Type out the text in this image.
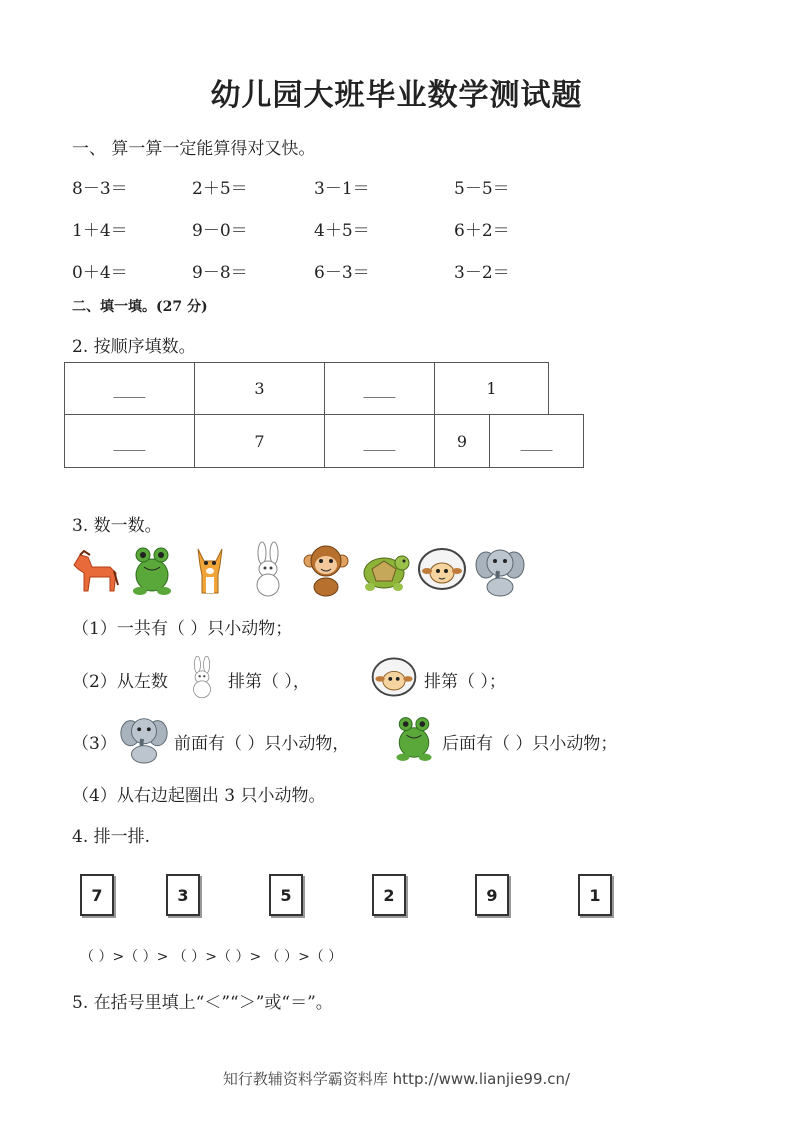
幼儿园大班毕业数学测试题
一、 算一算一定能算得对又快。
8－3＝	2＋5＝	3－1＝	5－5＝
1＋4＝	9－0＝	4＋5＝	6＋2＝
0＋4＝	9－8＝	6－3＝	3－2＝
二、填一填。(27 分)
2. 按顺序填数。
____	3	____	1
____	7	____	9	____
3. 数一数。
（1）一共有（ ）只小动物；
（2）从左数	排第（ ），	排第（ ）；
（3）	前面有（ ）只小动物，	后面有（ ）只小动物；
（4）从右边起圈出 3 只小动物。
4. 排一排.
7	3	5	2	9	1
（ ）>（ ）> （ ）>（ ）> （ ）>（ ）
5. 在括号里填上“＜”“＞”或“＝”。
知行教辅资料学霸资料库 http://www.lianjie99.cn/
